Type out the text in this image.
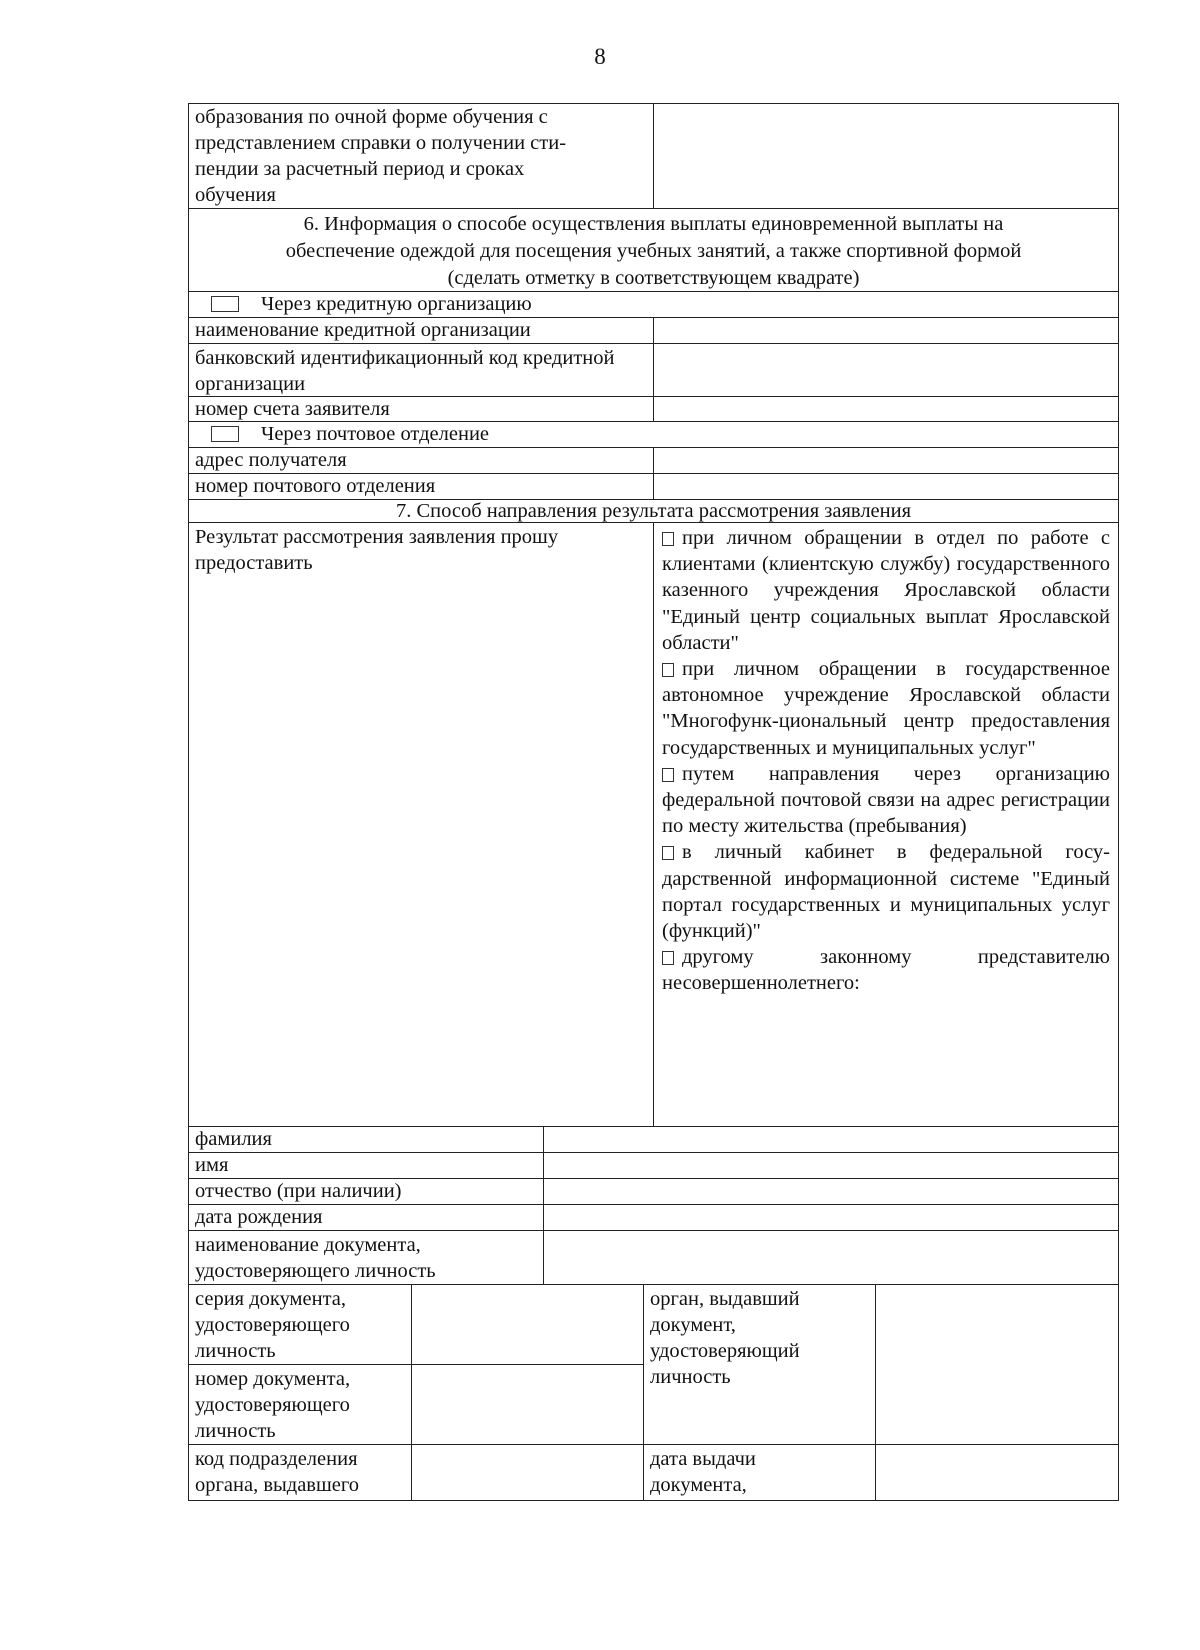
8
образования по очной форме обучения с
представлением справки о получении сти-
пендии за расчетный период и сроках
обучения
6. Информация о способе осуществления выплаты единовременной выплаты на
обеспечение одеждой для посещения учебных занятий, а также спортивной формой
(сделать отметку в соответствующем квадрате)
Через кредитную организацию
наименование кредитной организации
банковский идентификационный код кредитной организации
номер счета заявителя
Через почтовое отделение
адрес получателя
номер почтового отделения
7. Способ направления результата рассмотрения заявления
Результат рассмотрения заявления прошу предоставить
при личном обращении в отдел по работе с клиентами (клиентскую службу) государственного казенного учреждения Ярославской области "Единый центр социальных выплат Ярославской области"
при личном обращении в государственное автономное учреждение Ярославской области "Многофунк-циональный центр предоставления государственных и муниципальных услуг"
путем направления через организацию федеральной почтовой связи на адрес регистрации по месту жительства (пребывания)
в личный кабинет в федеральной госу-дарственной информационной системе "Единый портал государственных и муниципальных услуг (функций)"
другому законному представителю несовершеннолетнего:
фамилия
имя
отчество (при наличии)
дата рождения
наименование документа, удостоверяющего личность
серия документа, удостоверяющего личность
номер документа, удостоверяющего личность
орган, выдавший документ, удостоверяющий личность
код подразделения органа, выдавшего
дата выдачи документа,
